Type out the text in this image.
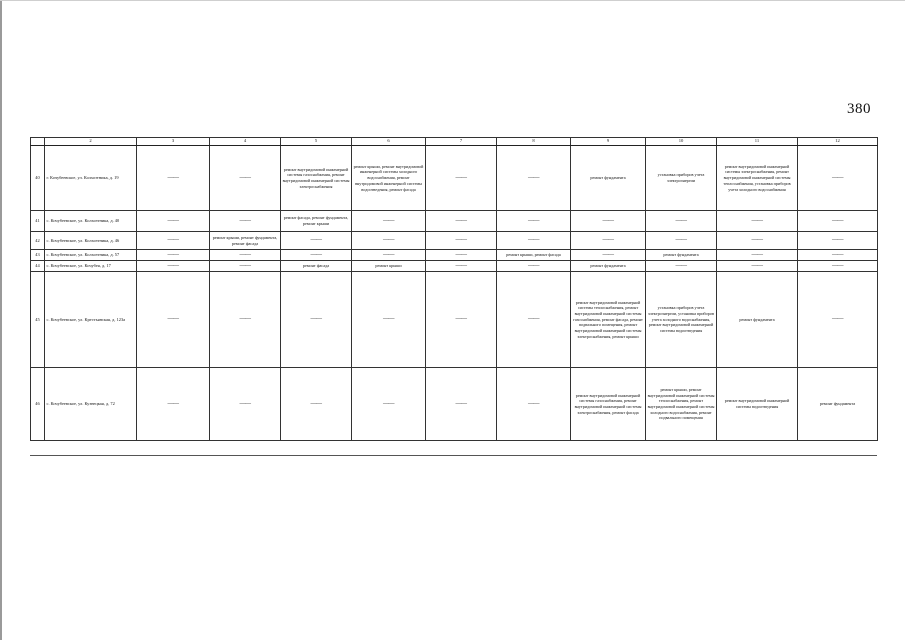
380
	2	3	4	5	6	7	8	9	10	11	12
40	г. Кочубеевское, ул. Колхозтника, д. 19	——	——	ремонт внутридомовой инженерной системы газоснабжения, ремонт внутридомовой инженерной системы электроснабжения	ремонт крыши, ремонт внутридомовой инженерной системы холодного водоснабжения, ремонт внутридомовой инженерной системы водоотведения, ремонт фасада	——	——	ремонт фундамента	установка приборов учета электроэнергии	ремонт внутридомовой инженерной системы электроснабжения, ремонт внутридомовой инженерной системы теплоснабжения, установка приборов учета холодного водоснабжения	——
41	с. Кочубеевское, ул. Колхозтника, д. 40	——	——	ремонт фасада, ремонт фундамента, ремонт крыши	——	——	——	——	——	——	——
42	с. Кочубеевское, ул. Колхозтника, д. 46	——	ремонт крыши, ремонт фундамента, ремонт фасада	——	——	——	——	——	——	——	——
43	с. Кочубеевское, ул. Колхозтника, д. 57	——	——	——	——	——	ремонт крыши, ремонт фасада	——	ремонт фундамента	——	——
44	с. Кочубеевское, ул. Кочубея, д. 17	——	——	ремонт фасада	ремонт крыши	——	——	ремонт фундамента	——	——	——
45	с. Кочубеевское, ул. Крестьянская, д. 123а	——	——	——	——	——	——	ремонт внутридомовой инженерной системы теплоснабжения, ремонт внутридомовой инженерной системы газоснабжения, ремонт фасада, ремонт подвального помещения, ремонт внутридомовой инженерной системы электроснабжения, ремонт крыши	установка приборов учета электроэнергии, установка приборов учета холодного водоснабжения, ремонт внутридомовой инженерной системы водоотведения	ремонт фундамента	——
46	с. Кочубеевское, ул. Кузнецкая, д. 72	——	——	——	——	——	——	ремонт внутридомовой инженерной системы газоснабжения, ремонт внутридомовой инженерной системы электроснабжения, ремонт фасада	ремонт крыши, ремонт внутридомовой инженерной системы теплоснабжения, ремонт внутридомовой инженерной системы холодного водоснабжения, ремонт подвального помещения	ремонт внутридомовой инженерной системы водоотведения	ремонт фундамента
